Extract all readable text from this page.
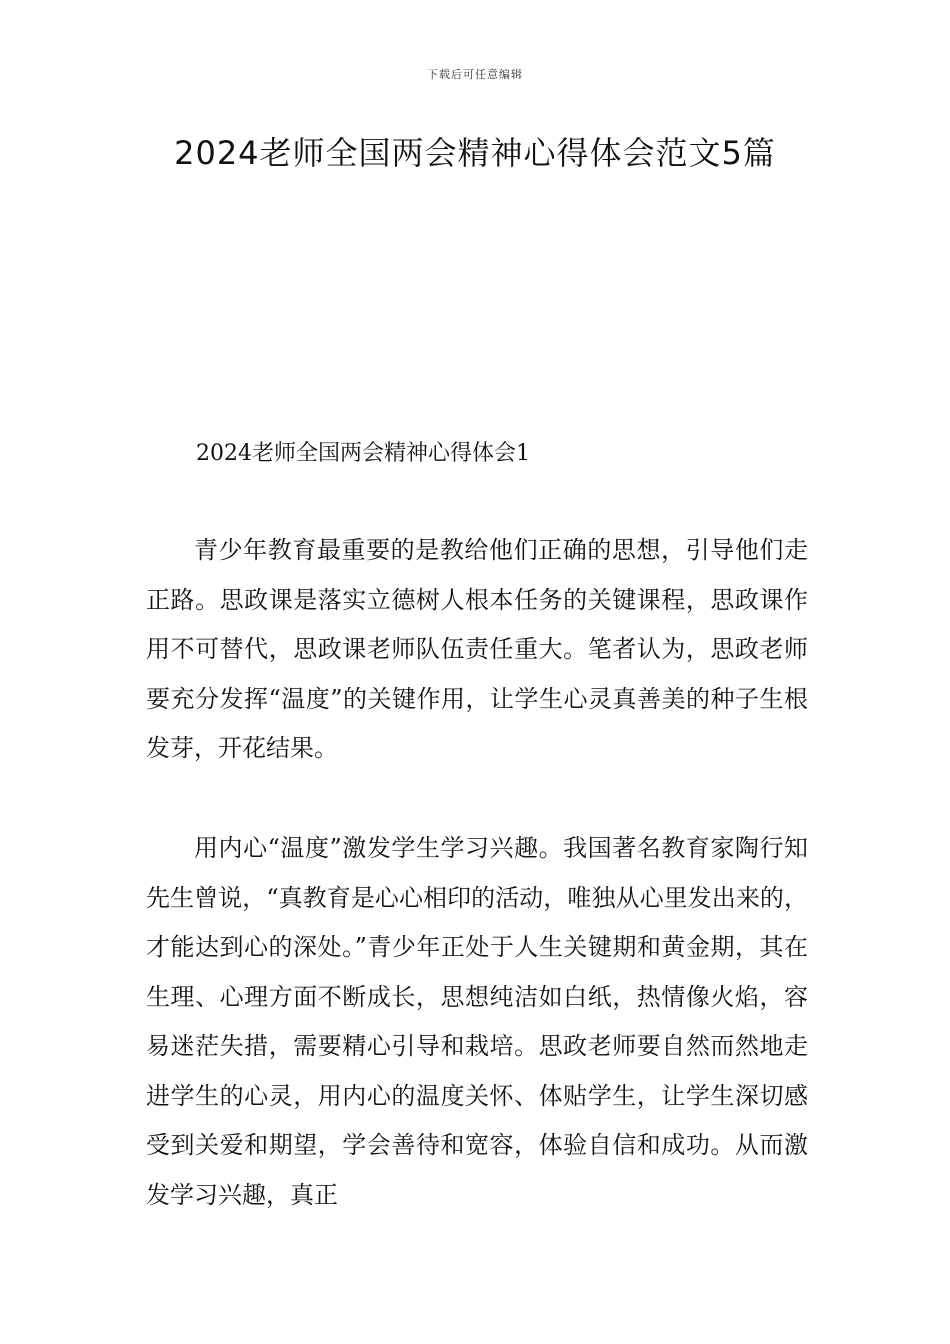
下载后可任意编辑
2024老师全国两会精神心得体会范文5篇
2024老师全国两会精神心得体会1

青少年教育最重要的是教给他们正确的思想，引导他们走正路。思政课是落实立德树人根本任务的关键课程，思政课作用不可替代，思政课老师队伍责任重大。笔者认为，思政老师要充分发挥“温度”的关键作用，让学生心灵真善美的种子生根发芽，开花结果。

用内心“温度”激发学生学习兴趣。我国著名教育家陶行知先生曾说，“真教育是心心相印的活动，唯独从心里发出来的，才能达到心的深处。”青少年正处于人生关键期和黄金期，其在生理、心理方面不断成长，思想纯洁如白纸，热情像火焰，容易迷茫失措，需要精心引导和栽培。思政老师要自然而然地走进学生的心灵，用内心的温度关怀、体贴学生，让学生深切感受到关爱和期望，学会善待和宽容，体验自信和成功。从而激发学习兴趣，真正
